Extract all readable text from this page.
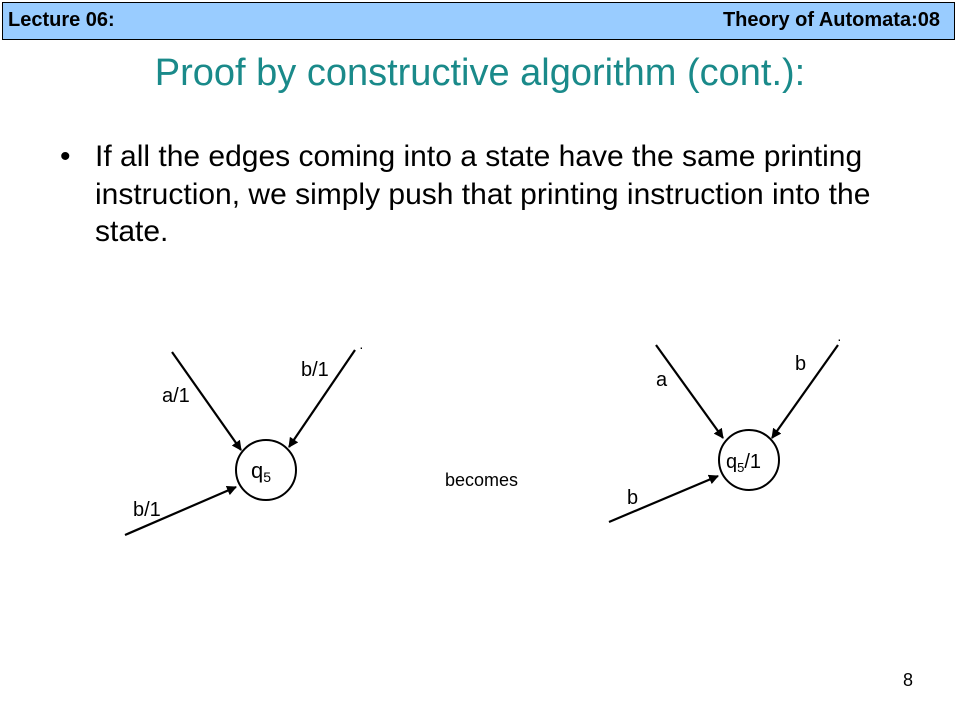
Lecture 06:	Theory of Automata:08
Proof by constructive algorithm (cont.):
• If all the edges coming into a state have the same printing instruction, we simply push that printing instruction into the state.
·
q5
a/1
b/1
b/1
becomes
·
$q_5/1$
a
b
b
8
